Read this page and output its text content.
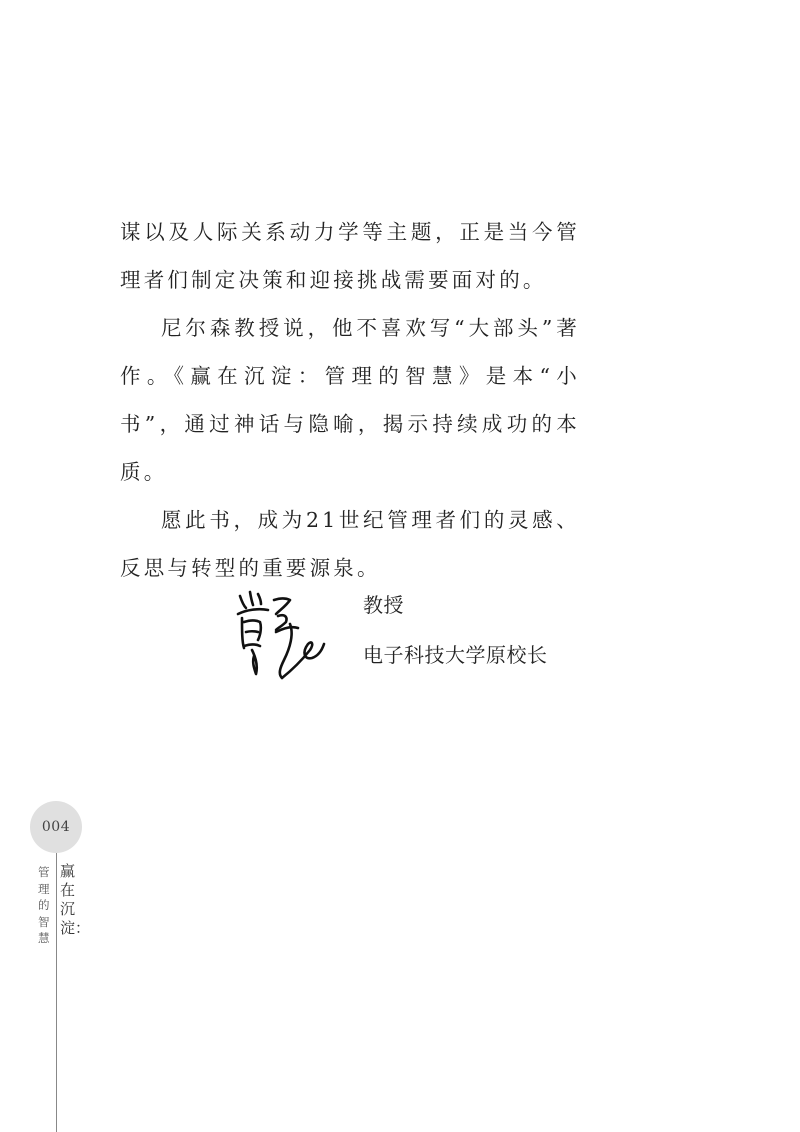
谋以及人际关系动力学等主题，正是当今管理者们制定决策和迎接挑战需要面对的。

尼尔森教授说，他不喜欢写“大部头”著作。《赢在沉淀：管理的智慧》是本“小书”，通过神话与隐喻，揭示持续成功的本质。

愿此书，成为21世纪管理者们的灵感、反思与转型的重要源泉。

教授
电子科技大学原校长
004
赢在沉淀：
管理的智慧
